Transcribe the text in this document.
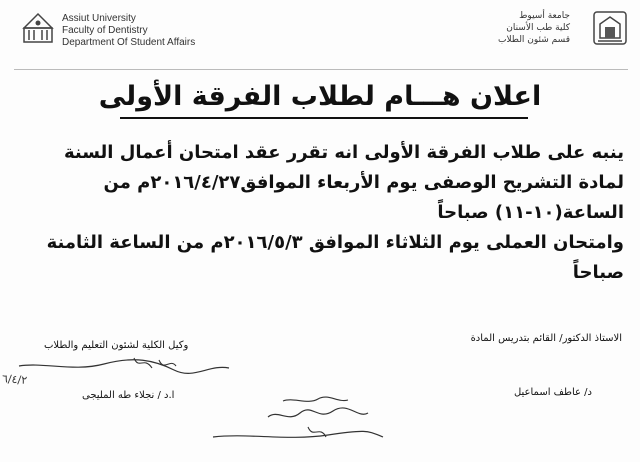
Assiut University
Faculty of Dentistry
Department Of Student Affairs
جامعة أسيوط
كلية طب الأسنان
قسم شئون الطلاب
اعلان هـــام لطلاب الفرقة الأولى

ينبه على طلاب الفرقة الأولى انه تقرر عقد امتحان أعمال السنة لمادة التشريح الوصفى يوم الأربعاء الموافق٢٠١٦/٤/٢٧م من الساعة(١٠-١١) صباحاً

وامتحان العملى يوم الثلاثاء الموافق ٢٠١٦/٥/٣م من الساعة الثامنة صباحاً

الاستاذ الدكتور/ القائم بتدريس المادة
وكيل الكلية لشئون التعليم والطلاب
د/ عاطف اسماعيل
ا.د / نجلاء طه المليجى
٦/٤/٢
